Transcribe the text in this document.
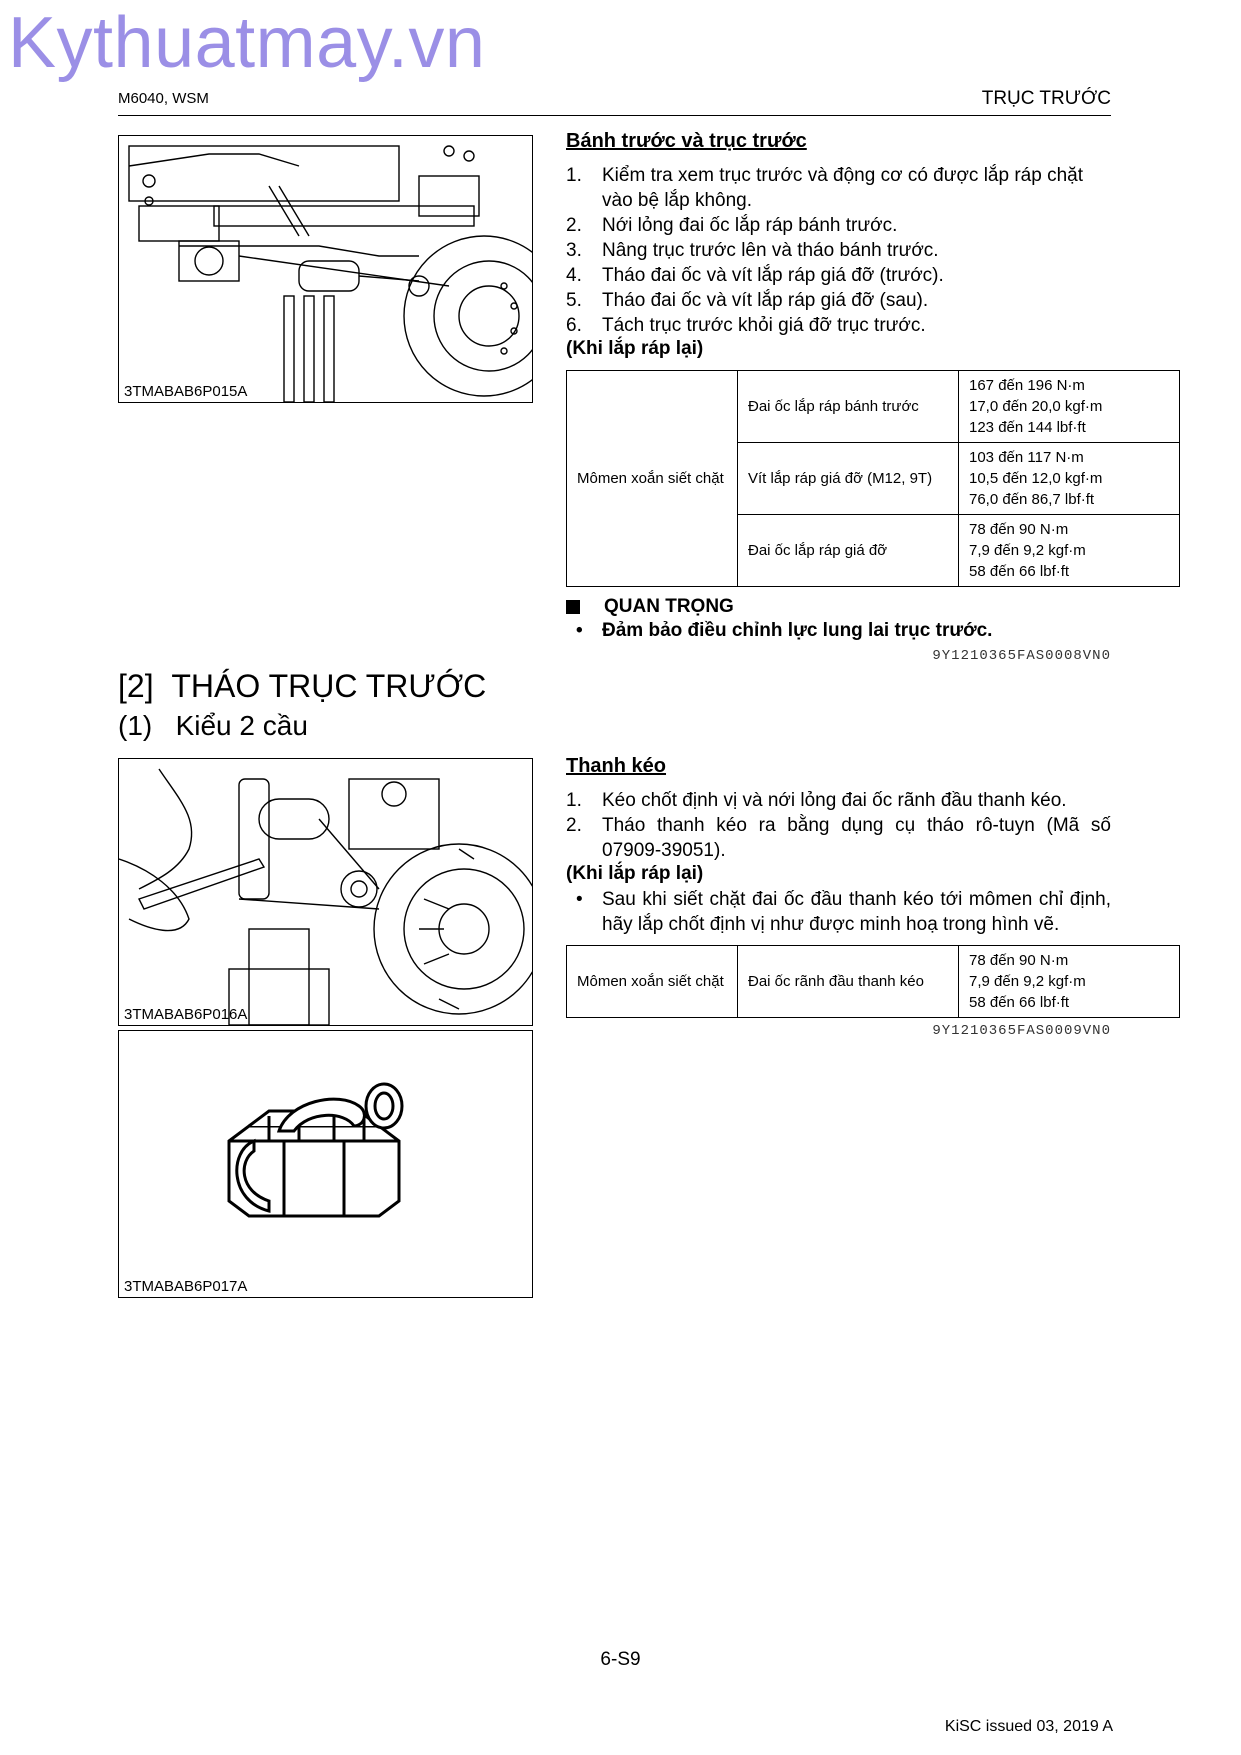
Kythuatmay.vn
M6040, WSM	TRỤC TRƯỚC
3TMABAB6P015A
Bánh trước và trục trước
1. Kiểm tra xem trục trước và động cơ có được lắp ráp chặt vào bệ lắp không.
2. Nới lỏng đai ốc lắp ráp bánh trước.
3. Nâng trục trước lên và tháo bánh trước.
4. Tháo đai ốc và vít lắp ráp giá đỡ (trước).
5. Tháo đai ốc và vít lắp ráp giá đỡ (sau).
6. Tách trục trước khỏi giá đỡ trục trước.
(Khi lắp ráp lại)
Mômen xoắn siết chặt	Đai ốc lắp ráp bánh trước	167 đến 196 N·m
17,0 đến 20,0 kgf·m
123 đến 144 lbf·ft

	Vít lắp ráp giá đỡ (M12, 9T)	103 đến 117 N·m
10,5 đến 12,0 kgf·m
76,0 đến 86,7 lbf·ft

	Đai ốc lắp ráp giá đỡ	78 đến 90 N·m
7,9 đến 9,2 kgf·m
58 đến 66 lbf·ft
QUAN TRỌNG
• Đảm bảo điều chỉnh lực lung lai trục trước.
9Y1210365FAS0008VN0
[2] THÁO TRỤC TRƯỚC
(1) Kiểu 2 cầu
3TMABAB6P016A
3TMABAB6P017A
Thanh kéo
1. Kéo chốt định vị và nới lỏng đai ốc rãnh đầu thanh kéo.
2. Tháo thanh kéo ra bằng dụng cụ tháo rô-tuyn (Mã số 07909-39051).
(Khi lắp ráp lại)
•	Sau khi siết chặt đai ốc đầu thanh kéo tới mômen chỉ định, hãy lắp chốt định vị như được minh hoạ trong hình vẽ.
Mômen xoắn siết chặt	Đai ốc rãnh đầu thanh kéo	
78 đến 90 N·m
7,9 đến 9,2 kgf·m
58 đến 66 lbf·ft
9Y1210365FAS0009VN0
6-S9
KiSC issued 03, 2019 A
